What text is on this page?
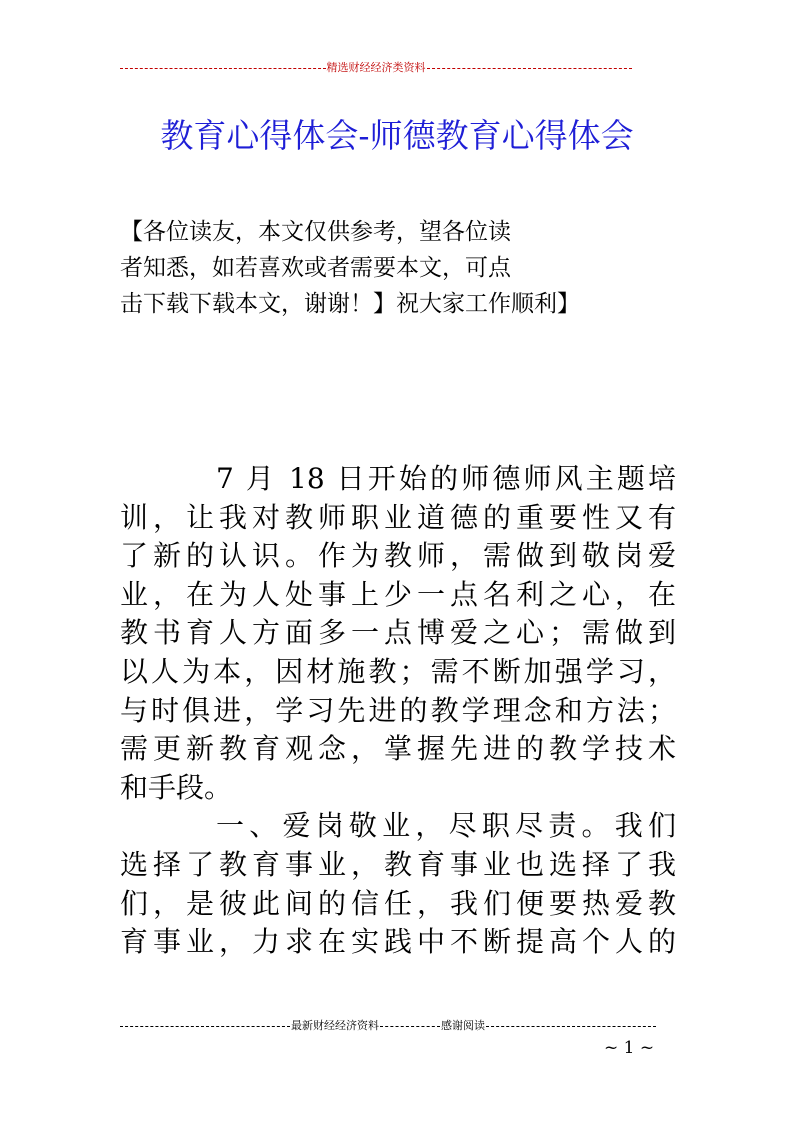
精选财经经济类资料
教育心得体会-师德教育心得体会
【各位读友，本文仅供参考，望各位读
者知悉，如若喜欢或者需要本文，可点
击下载下载本文，谢谢！】祝大家工作顺利】
7 月 18 日开始的师德师风主题培
训，让我对教师职业道德的重要性又有
了新的认识。作为教师，需做到敬岗爱
业，在为人处事上少一点名利之心，在
教书育人方面多一点博爱之心；需做到
以人为本，因材施教；需不断加强学习，
与时俱进，学习先进的教学理念和方法；
需更新教育观念，掌握先进的教学技术
和手段。
一、爱岗敬业，尽职尽责。我们
选择了教育事业，教育事业也选择了我
们，是彼此间的信任，我们便要热爱教
育事业，力求在实践中不断提高个人的
最新财经经济资料	感谢阅读
~ 1 ~
